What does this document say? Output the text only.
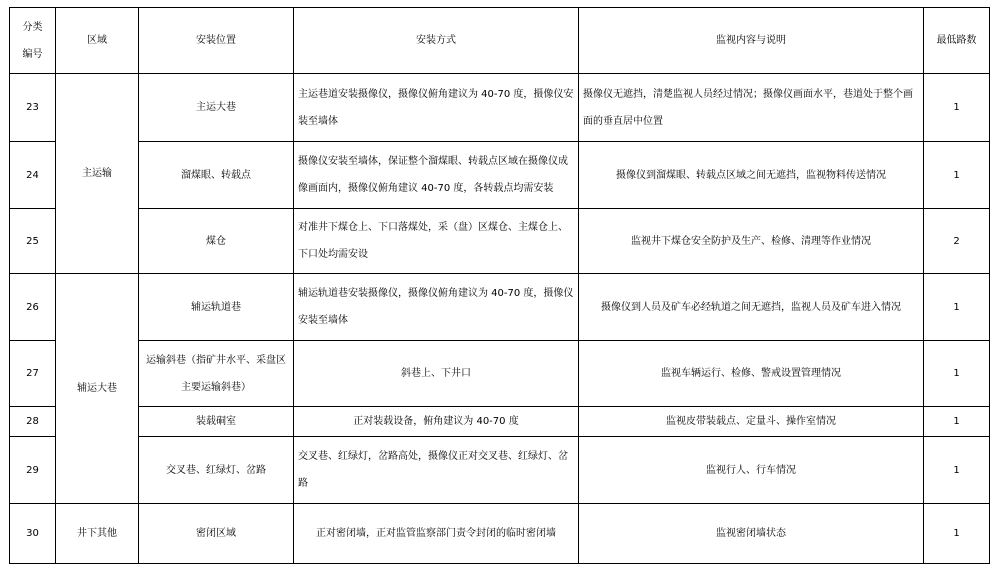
分类
编号	区域	安装位置	安装方式	监视内容与说明	最低路数
23	主运输	主运大巷	主运巷道安装摄像仪，摄像仪俯角建议为 40-70 度，摄像仪安装至墙体	摄像仪无遮挡，清楚监视人员经过情况；摄像仪画面水平，巷道处于整个画面的垂直居中位置	1
24		溜煤眼、转载点	摄像仪安装至墙体，保证整个溜煤眼、转载点区域在摄像仪成像画面内，摄像仪俯角建议 40-70 度，各转载点均需安装	摄像仪到溜煤眼、转载点区域之间无遮挡，监视物料传送情况	1
25		煤仓	对准井下煤仓上、下口落煤处，采（盘）区煤仓、主煤仓上、下口处均需安设	监视井下煤仓安全防护及生产、检修、清理等作业情况	2
26	辅运大巷	辅运轨道巷	辅运轨道巷安装摄像仪，摄像仪俯角建议为 40-70 度，摄像仪安装至墙体	摄像仪到人员及矿车必经轨道之间无遮挡，监视人员及矿车进入情况	1
27		运输斜巷（指矿井水平、采盘区主要运输斜巷）	斜巷上、下井口	监视车辆运行、检修、警戒设置管理情况	1
28		装载硐室	正对装载设备，俯角建议为 40-70 度	监视皮带装载点、定量斗、操作室情况	1
29		交叉巷、红绿灯、岔路	交叉巷、红绿灯，岔路高处，摄像仪正对交叉巷、红绿灯、岔路	监视行人、行车情况	1
30	井下其他	密闭区域	正对密闭墙，正对监管监察部门责令封闭的临时密闭墙	监视密闭墙状态	1
